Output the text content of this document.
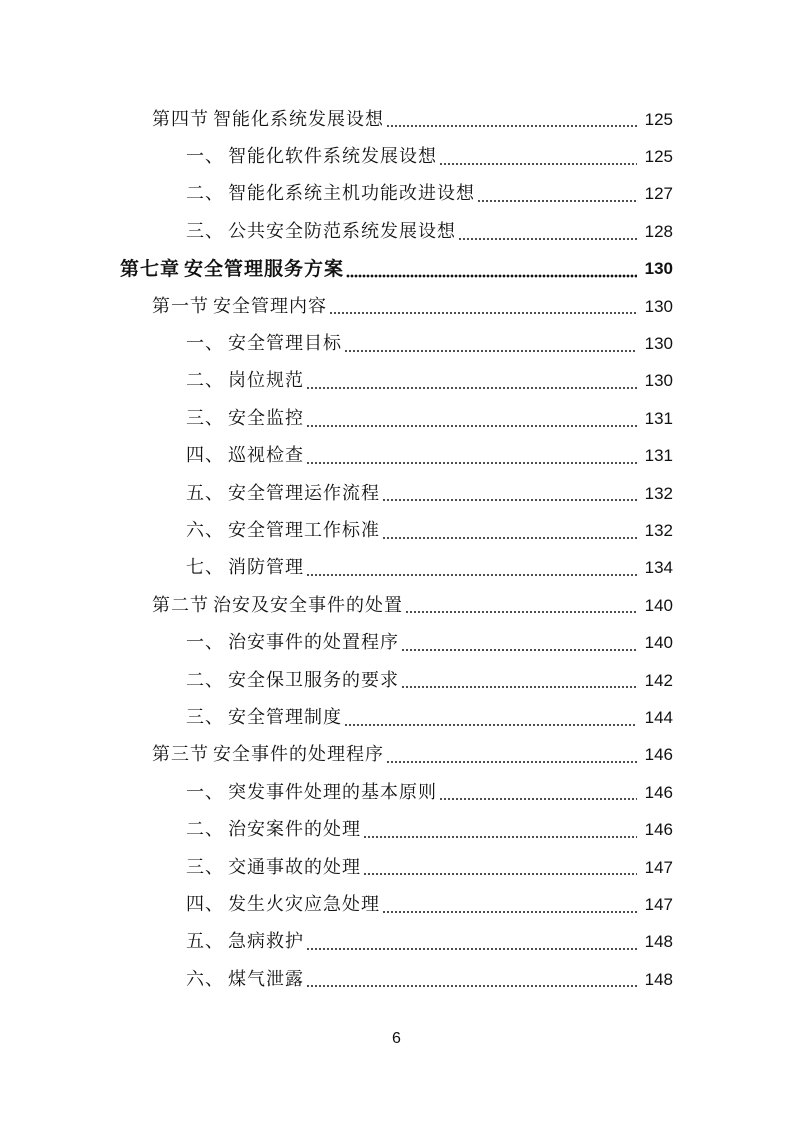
第四节 智能化系统发展设想	125
一、 智能化软件系统发展设想	125
二、 智能化系统主机功能改进设想	127
三、 公共安全防范系统发展设想	128
第七章 安全管理服务方案	130
第一节 安全管理内容	130
一、 安全管理目标	130
二、 岗位规范	130
三、 安全监控	131
四、 巡视检查	131
五、 安全管理运作流程	132
六、 安全管理工作标准	132
七、 消防管理	134
第二节 治安及安全事件的处置	140
一、 治安事件的处置程序	140
二、 安全保卫服务的要求	142
三、 安全管理制度	144
第三节 安全事件的处理程序	146
一、 突发事件处理的基本原则	146
二、 治安案件的处理	146
三、 交通事故的处理	147
四、 发生火灾应急处理	147
五、 急病救护	148
六、 煤气泄露	148
6
